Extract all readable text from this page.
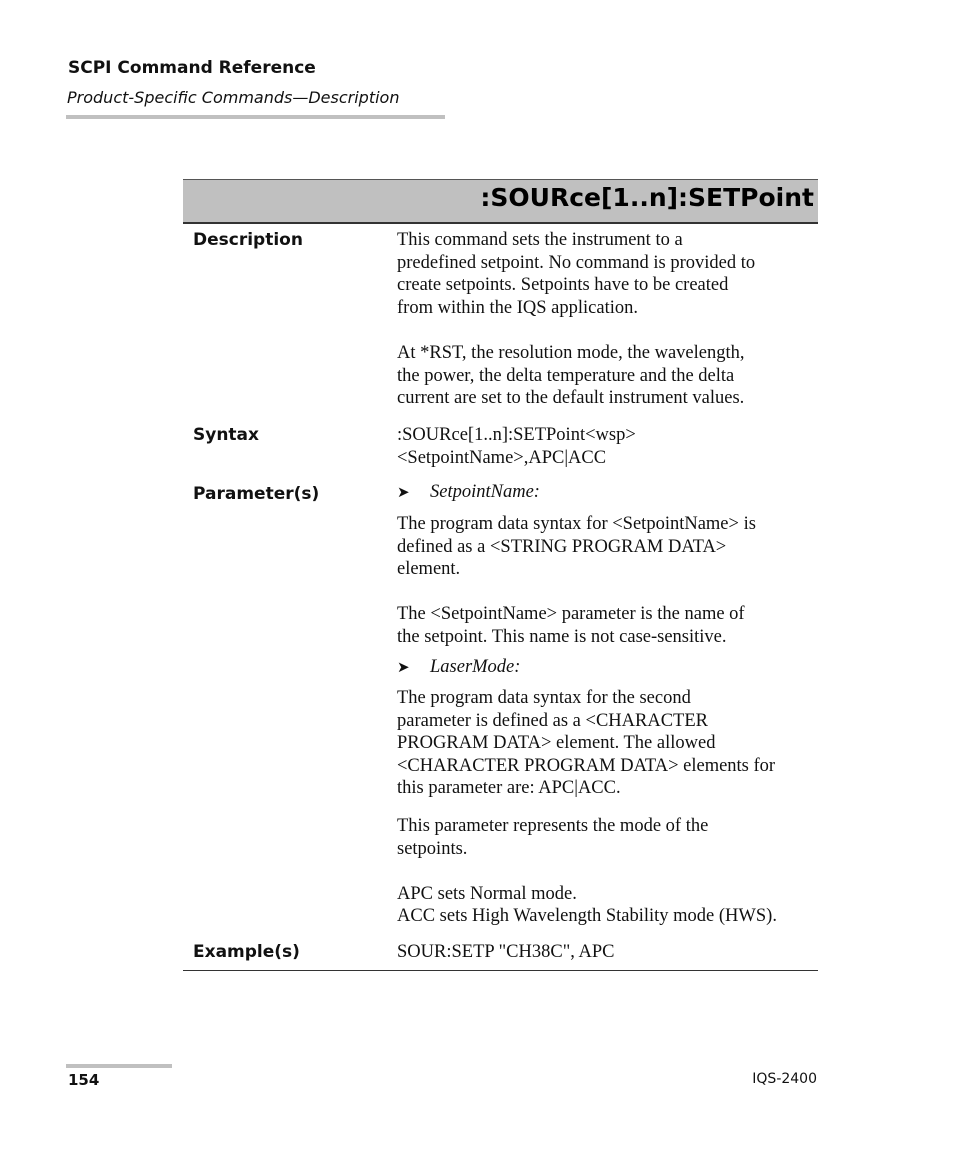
SCPI Command Reference
Product-Specific Commands—Description
:SOURce[1..n]:SETPoint
Description	This command sets the instrument to a
predefined setpoint. No command is provided to
create setpoints. Setpoints have to be created
from within the IQS application.
At *RST, the resolution mode, the wavelength,
the power, the delta temperature and the delta
current are set to the default instrument values.
Syntax	:SOURce[1..n]:SETPoint<wsp>
<SetpointName>,APC|ACC
Parameter(s)	➤ SetpointName:
The program data syntax for <SetpointName> is
defined as a <STRING PROGRAM DATA>
element.
The <SetpointName> parameter is the name of
the setpoint. This name is not case-sensitive.
➤ LaserMode:
The program data syntax for the second
parameter is defined as a <CHARACTER
PROGRAM DATA> element. The allowed
<CHARACTER PROGRAM DATA> elements for
this parameter are: APC|ACC.
This parameter represents the mode of the
setpoints.
APC sets Normal mode.
ACC sets High Wavelength Stability mode (HWS).
Example(s)	SOUR:SETP "CH38C", APC
154	IQS-2400
